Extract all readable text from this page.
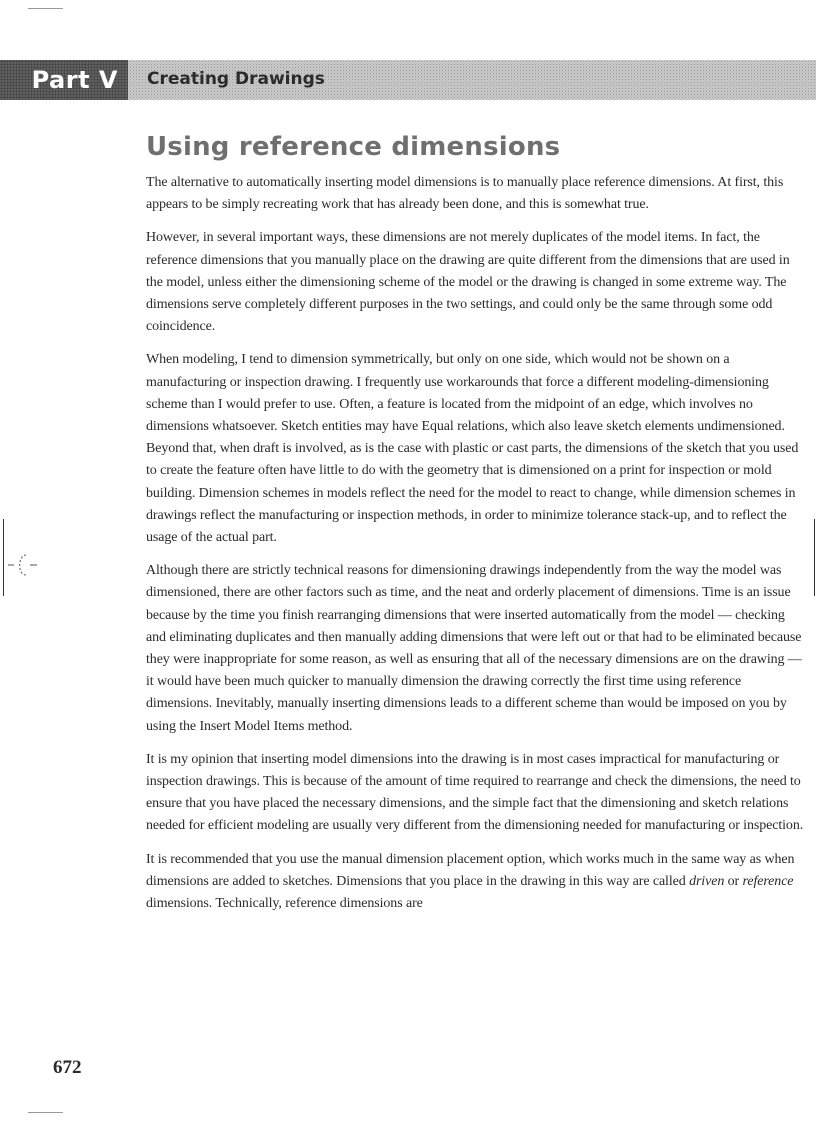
Part V Creating Drawings
Using reference dimensions

The alternative to automatically inserting model dimensions is to manually place reference dimensions. At first, this appears to be simply recreating work that has already been done, and this is somewhat true.

However, in several important ways, these dimensions are not merely duplicates of the model items. In fact, the reference dimensions that you manually place on the drawing are quite different from the dimensions that are used in the model, unless either the dimensioning scheme of the model or the drawing is changed in some extreme way. The dimensions serve completely different purposes in the two settings, and could only be the same through some odd coincidence.

When modeling, I tend to dimension symmetrically, but only on one side, which would not be shown on a manufacturing or inspection drawing. I frequently use workarounds that force a different modeling-dimensioning scheme than I would prefer to use. Often, a feature is located from the midpoint of an edge, which involves no dimensions whatsoever. Sketch entities may have Equal relations, which also leave sketch elements undimensioned. Beyond that, when draft is involved, as is the case with plastic or cast parts, the dimensions of the sketch that you used to create the feature often have little to do with the geometry that is dimensioned on a print for inspection or mold building. Dimension schemes in models reflect the need for the model to react to change, while dimension schemes in drawings reflect the manufacturing or inspection methods, in order to minimize tolerance stack-up, and to reflect the usage of the actual part.

Although there are strictly technical reasons for dimensioning drawings independently from the way the model was dimensioned, there are other factors such as time, and the neat and orderly placement of dimensions. Time is an issue because by the time you finish rearranging dimensions that were inserted automatically from the model — checking and eliminating duplicates and then manually adding dimensions that were left out or that had to be eliminated because they were inappropriate for some reason, as well as ensuring that all of the necessary dimensions are on the drawing — it would have been much quicker to manually dimension the drawing correctly the first time using reference dimensions. Inevitably, manually inserting dimensions leads to a different scheme than would be imposed on you by using the Insert Model Items method.

It is my opinion that inserting model dimensions into the drawing is in most cases impractical for manufacturing or inspection drawings. This is because of the amount of time required to rearrange and check the dimensions, the need to ensure that you have placed the necessary dimensions, and the simple fact that the dimensioning and sketch relations needed for efficient modeling are usually very different from the dimensioning needed for manufacturing or inspection.

It is recommended that you use the manual dimension placement option, which works much in the same way as when dimensions are added to sketches. Dimensions that you place in the drawing in this way are called driven or reference dimensions. Technically, reference dimensions are

672
